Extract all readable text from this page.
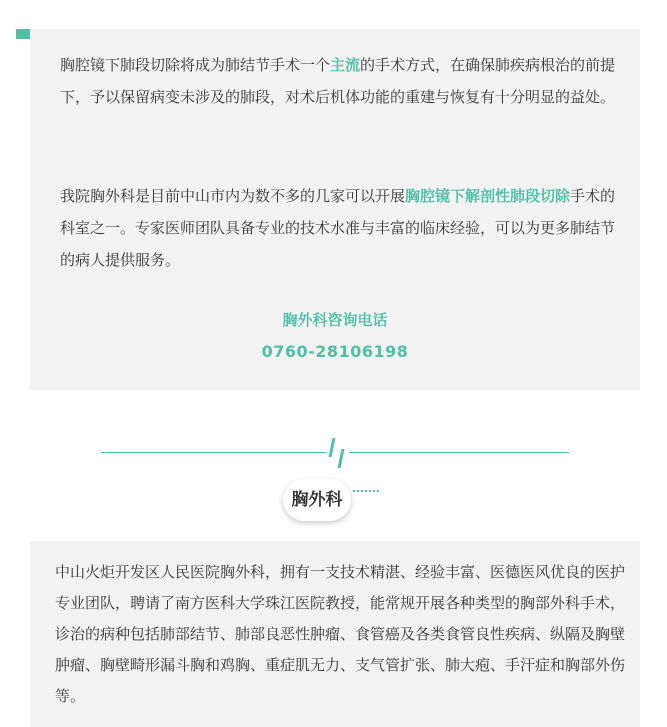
胸腔镜下肺段切除将成为肺结节手术一个主流的手术方式，在确保肺疾病根治的前提下，予以保留病变未涉及的肺段，对术后机体功能的重建与恢复有十分明显的益处。

我院胸外科是目前中山市内为数不多的几家可以开展胸腔镜下解剖性肺段切除手术的科室之一。专家医师团队具备专业的技术水准与丰富的临床经验，可以为更多肺结节的病人提供服务。

胸外科咨询电话
0760-28106198
胸外科

中山火炬开发区人民医院胸外科，拥有一支技术精湛、经验丰富、医德医风优良的医护专业团队，聘请了南方医科大学珠江医院教授，能常规开展各种类型的胸部外科手术，诊治的病种包括肺部结节、肺部良恶性肿瘤、食管癌及各类食管良性疾病、纵隔及胸壁肿瘤、胸壁畸形漏斗胸和鸡胸、重症肌无力、支气管扩张、肺大疱、手汗症和胸部外伤等。
